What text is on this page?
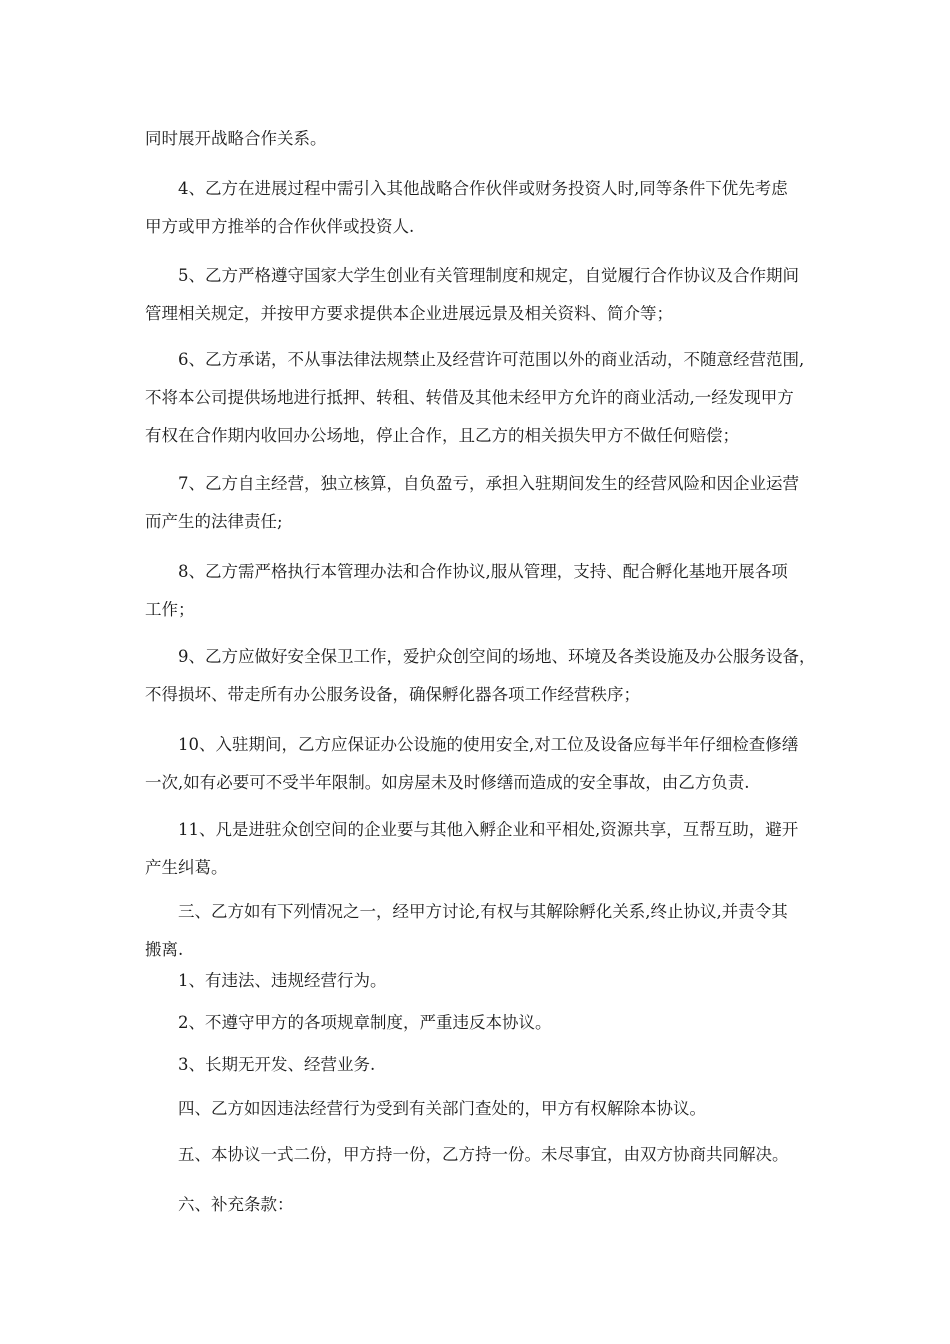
同时展开战略合作关系。
　　4、乙方在进展过程中需引入其他战略合作伙伴或财务投资人时,同等条件下优先考虑
甲方或甲方推举的合作伙伴或投资人.
　　5、乙方严格遵守国家大学生创业有关管理制度和规定，自觉履行合作协议及合作期间
管理相关规定，并按甲方要求提供本企业进展远景及相关资料、简介等；
　　6、乙方承诺，不从事法律法规禁止及经营许可范围以外的商业活动，不随意经营范围,
不将本公司提供场地进行抵押、转租、转借及其他未经甲方允许的商业活动,一经发现甲方
有权在合作期内收回办公场地，停止合作，且乙方的相关损失甲方不做任何赔偿；
　　7、乙方自主经营，独立核算，自负盈亏，承担入驻期间发生的经营风险和因企业运营
而产生的法律责任;
　　8、乙方需严格执行本管理办法和合作协议,服从管理，支持、配合孵化基地开展各项
工作；
　　9、乙方应做好安全保卫工作，爱护众创空间的场地、环境及各类设施及办公服务设备，
不得损坏、带走所有办公服务设备，确保孵化器各项工作经营秩序；
　　10、入驻期间，乙方应保证办公设施的使用安全,对工位及设备应每半年仔细检查修缮
一次,如有必要可不受半年限制。如房屋未及时修缮而造成的安全事故，由乙方负责.
　　11、凡是进驻众创空间的企业要与其他入孵企业和平相处,资源共享，互帮互助，避开
产生纠葛。
　　三、乙方如有下列情况之一，经甲方讨论,有权与其解除孵化关系,终止协议,并责令其
搬离.
　　1、有违法、违规经营行为。
　　2、不遵守甲方的各项规章制度，严重违反本协议。
　　3、长期无开发、经营业务.
　　四、乙方如因违法经营行为受到有关部门查处的，甲方有权解除本协议。
　　五、本协议一式二份，甲方持一份，乙方持一份。未尽事宜，由双方协商共同解决。
　　六、补充条款：
